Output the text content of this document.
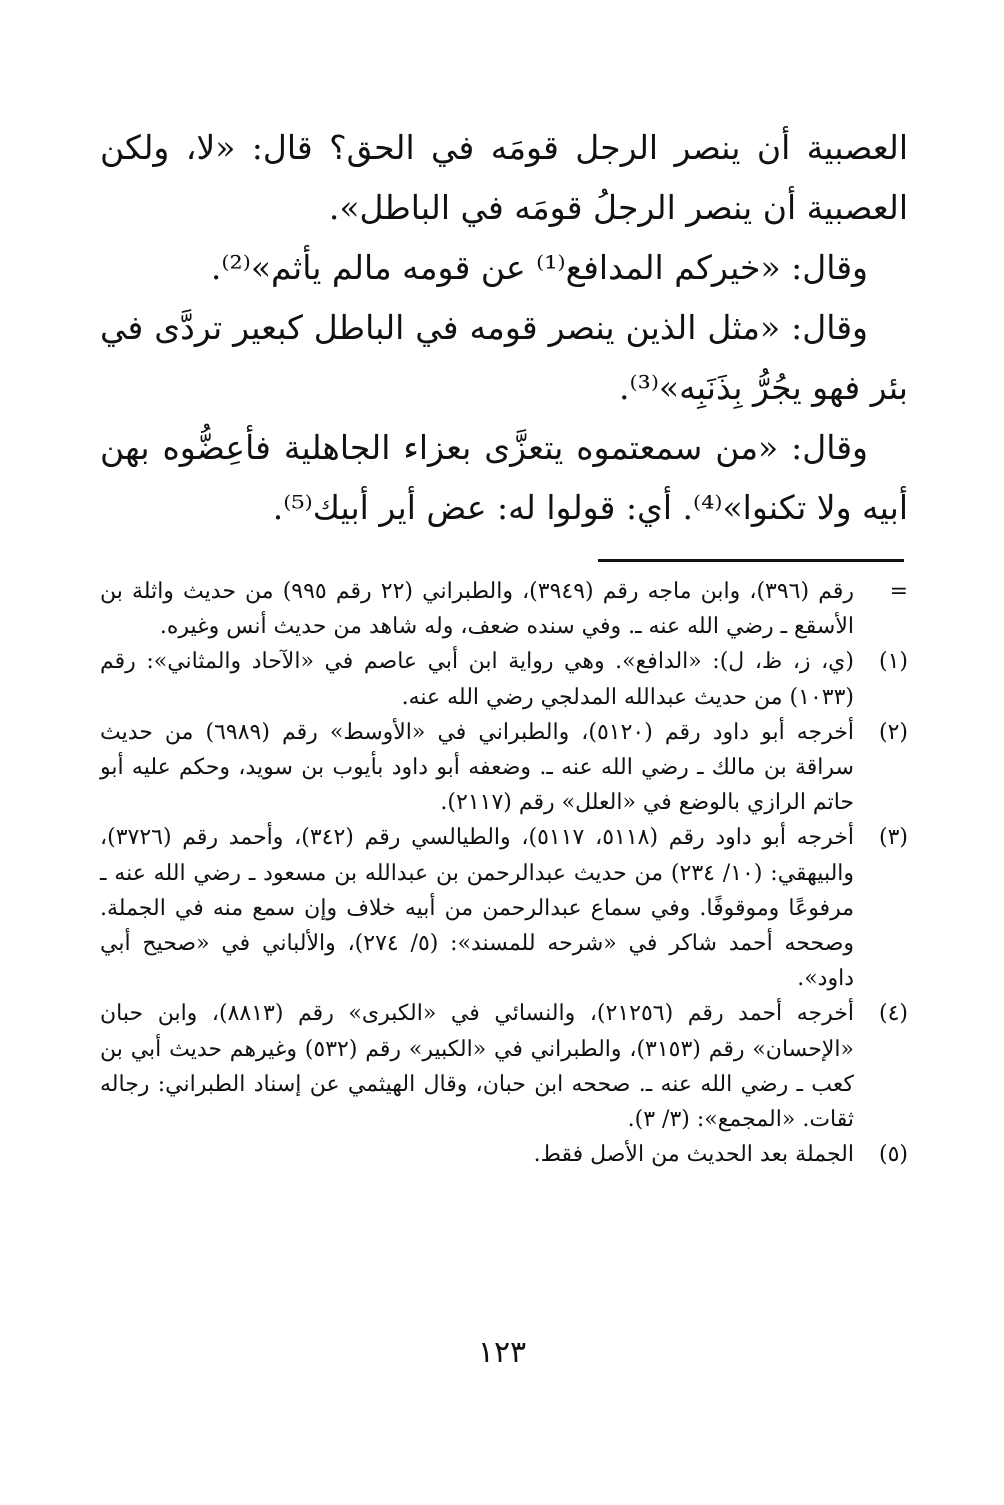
العصبية أن ينصر الرجل قومَه في الحق؟ قال: «لا، ولكن العصبية أن ينصر الرجلُ قومَه في الباطل».

وقال: «خيركم المدافع⁽¹⁾ عن قومه مالم يأثم»⁽²⁾.

وقال: «مثل الذين ينصر قومه في الباطل كبعير تردَّى في بئر فهو يجُرُّ بِذَنَبِه»⁽³⁾.

وقال: «من سمعتموه يتعزَّى بعزاء الجاهلية فأعِضُّوه بهن أبيه ولا تكنوا»⁽⁴⁾. أي: قولوا له: عض أير أبيك⁽⁵⁾.

=
رقم (٣٩٦)، وابن ماجه رقم (٣٩٤٩)، والطبراني (٢٢ رقم ٩٩٥) من حديث واثلة بن الأسقع ـ رضي الله عنه ـ. وفي سنده ضعف، وله شاهد من حديث أنس وغيره.
(١)
(ي، ز، ظ، ل): «الدافع». وهي رواية ابن أبي عاصم في «الآحاد والمثاني»: رقم (١٠٣٣) من حديث عبدالله المدلجي رضي الله عنه.
(٢)
أخرجه أبو داود رقم (٥١٢٠)، والطبراني في «الأوسط» رقم (٦٩٨٩) من حديث سراقة بن مالك ـ رضي الله عنه ـ. وضعفه أبو داود بأيوب بن سويد، وحكم عليه أبو حاتم الرازي بالوضع في «العلل» رقم (٢١١٧).
(٣)
أخرجه أبو داود رقم (٥١١٨، ٥١١٧)، والطيالسي رقم (٣٤٢)، وأحمد رقم (٣٧٢٦)، والبيهقي: (١٠/ ٢٣٤) من حديث عبدالرحمن بن عبدالله بن مسعود ـ رضي الله عنه ـ مرفوعًا وموقوفًا. وفي سماع عبدالرحمن من أبيه خلاف وإن سمع منه في الجملة. وصححه أحمد شاكر في «شرحه للمسند»: (٥/ ٢٧٤)، والألباني في «صحيح أبي داود».
(٤)
أخرجه أحمد رقم (٢١٢٥٦)، والنسائي في «الكبرى» رقم (٨٨١٣)، وابن حبان «الإحسان» رقم (٣١٥٣)، والطبراني في «الكبير» رقم (٥٣٢) وغيرهم حديث أبي بن كعب ـ رضي الله عنه ـ. صححه ابن حبان، وقال الهيثمي عن إسناد الطبراني: رجاله ثقات. «المجمع»: (٣/ ٣).
(٥)
الجملة بعد الحديث من الأصل فقط.
١٢٣
